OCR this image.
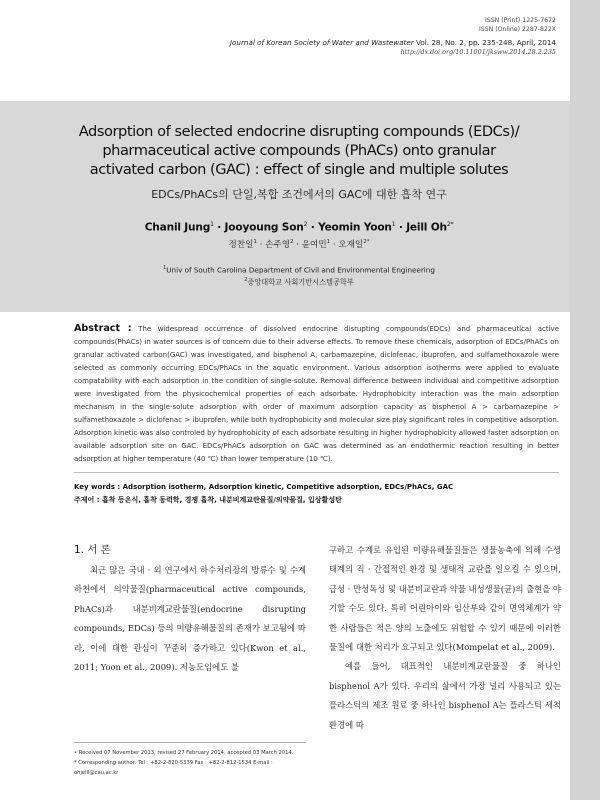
ISSN (Print) 1225-7672
ISSN (Online) 2287-822X
Journal of Korean Society of Water and Wastewater Vol. 28, No. 2, pp. 235-248, April, 2014
http://dx.doi.org/10.11001/jksww.2014.28.2.235
Adsorption of selected endocrine disrupting compounds (EDCs)/
pharmaceutical active compounds (PhACs) onto granular
activated carbon (GAC) : effect of single and multiple solutes
EDCs/PhACs의 단일,복합 조건에서의 GAC에 대한 흡착 연구
Chanil Jung$^1$ · Jooyoung Son$^2$ · Yeomin Yoon$^1$ · Jeill $Oh^{2*}$
정찬일$^1$ · 손주영$^2$ · 윤여민$^1$ · 오재일$^{2*}$
$^1$Univ of South Carolina Department of Civil and Environmental Engineering
$^2$중앙대학교 사회기반시스템공학부
Abstract : The widespread occurrence of dissolved endocrine disrupting compounds(EDCs) and pharmaceutical active compounds(PhACs) in water sources is of concern due to their adverse effects. To remove these chemicals, adsorption of EDCs/PhACs on granular activated carbon(GAC) was investigated, and bisphenol A, carbamazepine, diclofenac, ibuprofen, and sulfamethoxazole were selected as commonly occurring EDCs/PhACs in the aquatic environment. Various adsorption isotherms were applied to evaluate compatability with each adsorption in the condition of single-solute. Removal difference between individual and competitive adsorption were investigated from the physicochemical properties of each adsorbate. Hydrophobicity interaction was the main adsorption mechanism in the single-solute adsorption with order of maximum adsorption capacity as bisphenol A > carbamazepine > sulfamethoxazole > diclofenac > ibuprofen, while both hydrophobicity and molecular size play significant roles in competitive adsorption. Adsorption kinetic was also controled by hydrophobicity of each adsorbate resulting in higher hydrophobicity allowed faster adsorption on available adsorption site on GAC. EDCs/PhACs adsorption on GAC was determined as an endothermic reaction resulting in better adsorption at higher temperature (40 ℃) than lower temperature (10 ℃).
Key words : Adsorption isotherm, Adsorption kinetic, Competitive adsorption, EDCs/PhACs, GAC
주제어 : 흡착 등온식, 흡착 동력학, 경쟁 흡착, 내분비계교란물질/의약물질, 입상활성탄
1. 서 론

최근 많은 국내 · 외 연구에서 하수처리장의 방류수 및 수계하천에서 의약물질(pharmaceutical active compounds, PhACs)과 내분비계교란물질(endocrine disrupting compounds, EDCs) 등의 미량유해물질의 존재가 보고됨에 따라, 이에 대한 관심이 꾸준히 증가하고 있다(Kwon et al., 2011; Yoon et al., 2009). 저농도임에도 불

구하고 수계로 유입된 미량유해물질들은 생물농축에 의해 수생태계의 직 · 간접적인 환경 및 생태적 교란을 일으킬 수 있으며, 급성 · 만성독성 및 내분비교란과 약물 내성생물(균)의 출현을 야기할 수도 있다. 특히 어린아이와 임산부와 같이 면역체계가 약한 사람들은 적은 양의 노출에도 위험할 수 있기 때문에 이러한 물질에 대한 처리가 요구되고 있다(Mompelat et al., 2009).

예를 들어, 대표적인 내분비계교란물질 중 하나인 bisphenol A가 있다. 우리의 삶에서 가장 널리 사용되고 있는 플라스틱의 제조 원료 중 하나인 bisphenol A는 플라스틱 세척 환경에 따

• Received 07 November 2013, revised 27 February 2014, accepted 03 March 2014.
* Corresponding author: Tel : +82-2-820-5339 Fax : +82-2-812-1534 E-mail : ohjeill@cau.ac.kr
